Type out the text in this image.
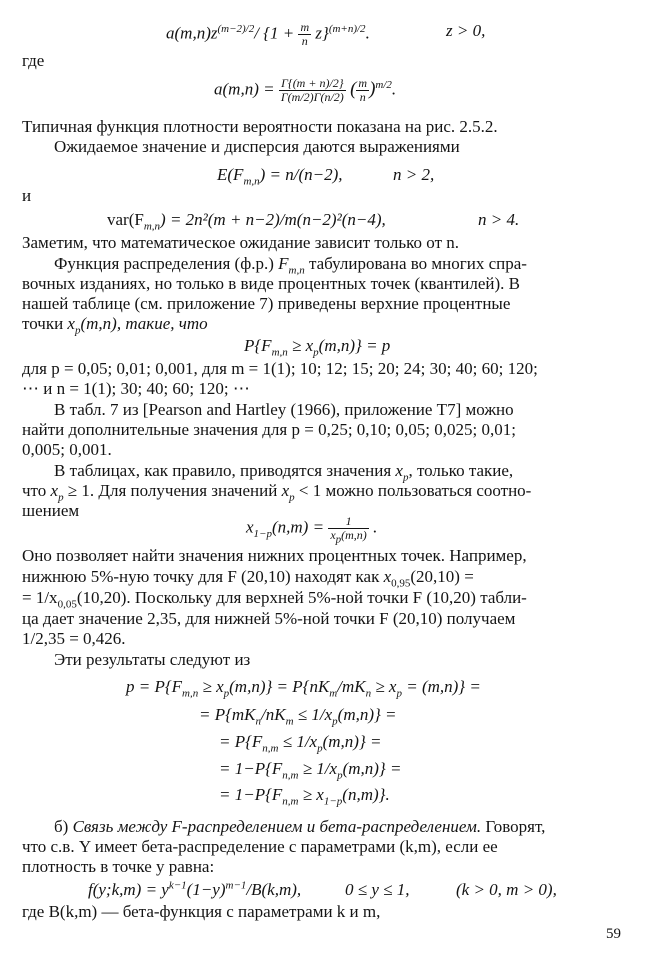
$a(m,n)z^{(m-2)/2}/$ $\{1 + \frac{m}{n} z\}^{(m+n)/2}$.	z > 0,
где
$a(m,n) = \frac{\Gamma\{(m + n)/2\}}{\Gamma(m/2)\Gamma(n/2)}$ ( $\frac{m}{n} )^{m/2}$.
Типичная функция плотности вероятности показана на рис. 2.5.2.
Ожидаемое значение и дисперсия даются выражениями
$E(F_{m,n}) = n/(n-2)$,	n > 2,
и
$var(F_{m,n}) = 2n^2(m + n-2)/m(n-2)^2(n-4)$,	n > 4.
Заметим, что математическое ожидание зависит только от n.
Функция распределения (ф.р.) $F_{m,n}$ табулирована во многих спра-
вочных изданиях, но только в виде процентных точек (квантилей). В
нашей таблице (см. приложение 7) приведены верхние процентные
точки $x_p(m,n)$, такие, что
$P\{F_{m,n} \ge x_p(m,n)\} = p$
для p = 0,05; 0,01; 0,001, для m = 1(1); 10; 12; 15; 20; 24; 30; 40; 60; 120;
⋯ и n = 1(1); 30; 40; 60; 120; ⋯
В табл. 7 из [Pearson and Hartley (1966), приложение Т7] можно
найти дополнительные значения для p = 0,25; 0,10; 0,05; 0,025; 0,01;
0,005; 0,001.
В таблицах, как правило, приводятся значения $x_p$, только такие,
что $x_p \ge 1$. Для получения значений $x_p < 1$ можно пользоваться соотно-
шением
$x_{1-p}(n,m) = \frac{1}{x_p(m,n)}$ .
Оно позволяет найти значения нижних процентных точек. Например,
нижнюю 5%-ную точку для F (20,10) находят как $x_{0,95}(20,10)$ =
= $1/x_{0,05}(10,20)$. Поскольку для верхней 5%-ной точки F (10,20) табли-
ца дает значение 2,35, для нижней 5%-ной точки F (20,10) получаем
1/2,35 = 0,426.
Эти результаты следуют из
$p = P\{F_{m,n} \ge x_p(m,n)\} = P\{nK_m/mK_n \ge x_p = (m,n)\}$ =
= $P\{mK_n/nK_m \le 1/x_p(m,n)\}$ =
= $P\{F_{n,m} \le 1/x_p(m,n)\}$ =
= $1-P\{F_{n,m} \ge 1/x_p(m,n)\}$ =
= $1-P\{F_{n,m} \ge x_{1-p}(n,m)\}$.
б) Связь между F-распределением и бета-распределением. Говорят,
что с.в. Y имеет бета-распределение с параметрами (k,m), если ее
плотность в точке y равна:
f(y;k,m) = $y^{k-1}(1-y)^{m-1}/B(k,m)$,	0 ≤ y ≤ 1,	(k > 0, m > 0),
где B(k,m) — бета-функция с параметрами k и m,
59
